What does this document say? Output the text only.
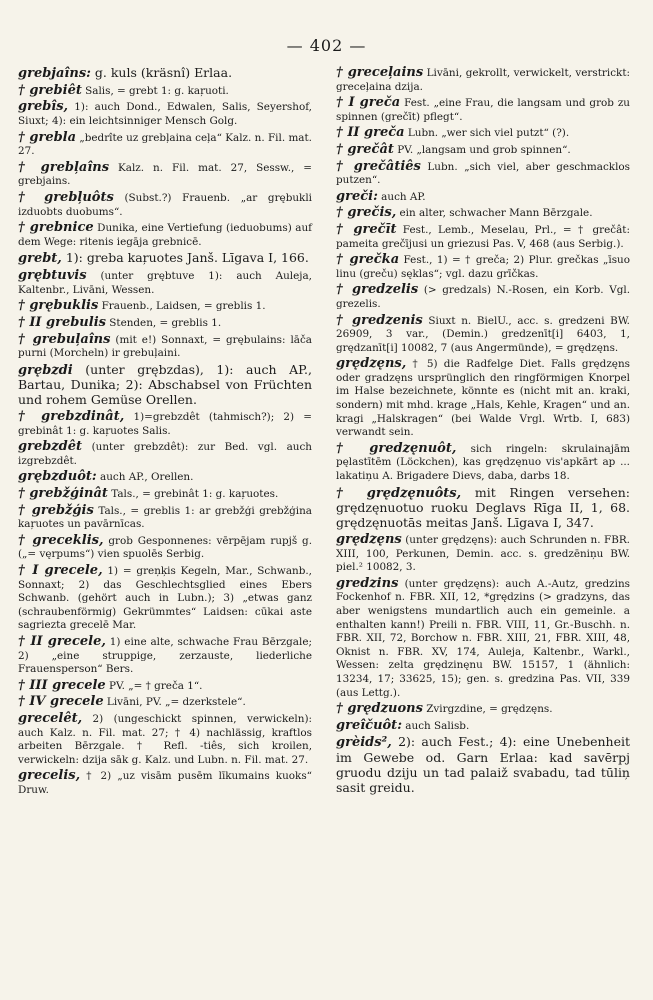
— 402 —

grebjaîns: g. kuls (kräsnî) Erlaa.

† grebiêt Salis, = grebt 1: g. kaŗuoti.

grebîs, 1): auch Dond., Edwalen, Salis, Seyershof, Siuxt; 4): ein leichtsinniger Mensch Golg.

† grebla „bedrîte uz grebļaina ceļa“ Kalz. n. Fil. mat. 27.

† grebļaîns Kalz. n. Fil. mat. 27, Sessw., = grebjains.

† grebļuôts (Subst.?) Frauenb. „ar grębukli izduobts duobums“.

† grebnice Dunika, eine Vertiefung (ieduobums) auf dem Wege: ritenis iegāja grebnicē.

grebt, 1): greba kaŗuotes Janš. Līgava I, 166.

grębtuvis (unter grębtuve 1): auch Auleja, Kaltenbr., Livāni, Wessen.

† grębuklis Frauenb., Laidsen, = greblis 1.

† II grebulis Stenden, = greblis 1.

† grebuļaîns (mit e!) Sonnaxt, = grębulains: lāča purni (Morcheln) ir grebuļaini.

grębzdi (unter grębzdas), 1): auch AP., Bartau, Dunika; 2): Abschabsel von Früchten und rohem Gemüse Orellen.

† grebzdinât, 1)=grebzdêt (tahmisch?); 2) = grebinât 1: g. kaŗuotes Salis.

grebzdêt (unter grebzdêt): zur Bed. vgl. auch izgrebzdêt.

grębzduôt: auch AP., Orellen.

† grebžģinât Tals., = grebinât 1: g. kaŗuotes.

† grebžģis Tals., = greblis 1: ar grebžģi grebžģina kaŗuotes un pavārnīcas.

† greceklis, grob Gesponnenes: vērpējam rupjš g. („= vęrpums“) vien spuolēs Serbig.

† I grecele, 1) = greņķis Kegeln, Mar., Schwanb., Sonnaxt; 2) das Geschlechtsglied eines Ebers Schwanb. (gehört auch in Lubn.); 3) „etwas ganz (schraubenförmig) Gekrümmtes“ Laidsen: cūkai aste sagriezta grecelē Mar.

† II grecele, 1) eine alte, schwache Frau Bērzgale; 2) „eine struppige, zerzauste, liederliche Frauensperson“ Bers.

† III grecele PV. „= † greča 1“.

† IV grecele Livāni, PV. „= dzerkstele“.

grecelêt, 2) (ungeschickt spinnen, verwickeln): auch Kalz. n. Fil. mat. 27; † 4) nachlässig, kraftlos arbeiten Bērzgale. † Refl. -tiês, sich kroilen, verwickeln: dzija sāk g. Kalz. und Lubn. n. Fil. mat. 27.

grecelis, † 2) „uz visām pusēm līkumains kuoks“ Druw.

† greceļains Livāni, gekrollt, verwickelt, verstrickt: greceļaina dzija.

† I greča Fest. „eine Frau, die langsam und grob zu spinnen (grečīt) pflegt“.

† II greča Lubn. „wer sich viel putzt“ (?).

† grečât PV. „langsam und grob spinnen“.

† grečâtiês Lubn. „sich viel, aber geschmacklos putzen“.

greči: auch AP.

† grečis, ein alter, schwacher Mann Bērzgale.

† grečīt Fest., Lemb., Meselau, Prl., = † grečât: pameita grečījusi un griezusi Pas. V, 468 (aus Serbig.).

† grečka Fest., 1) = † greča; 2) Plur. grečkas „īsuo linu (greču) sęklas“; vgl. dazu grīčkas.

† gredzelis (> gredzals) N.-Rosen, ein Korb. Vgl. grezelis.

† gredzenis Siuxt n. BielU., acc. s. gredzeni BW. 26909, 3 var., (Demin.) gredzenīt[i] 6403, 1, grędzanīt[i] 10082, 7 (aus Angermünde), = grędzęns.

grędzęns, † 5) die Radfelge Diet. Falls grędzęns oder gradzęns ursprünglich den ringförmigen Knorpel im Halse bezeichnete, könnte es (nicht mit an. kraki, sondern) mit mhd. krage „Hals, Kehle, Kragen“ und an. kragi „Halskragen“ (bei Walde Vrgl. Wrtb. I, 683) verwandt sein.

† gredzęnuôt, sich ringeln: skrulainajām pęlastītēm (Löckchen), kas grędzęnuo vis'apkārt ap ... lakatiņu A. Brigadere Dievs, daba, darbs 18.

† grędzęnuôts, mit Ringen versehen: grędzęnuotuo ruoku Deglavs Rīga II, 1, 68. grędzęnuotās meitas Janš. Līgava I, 347.

grędzęns (unter grędzęns): auch Schrunden n. FBR. XIII, 100, Perkunen, Demin. acc. s. gredzēniņu BW. piel.² 10082, 3.

gredzins (unter grędzęns): auch A.-Autz, gredzins Fockenhof n. FBR. XII, 12, *grędzins (> gradzyns, das aber wenigstens mundartlich auch ein gemeinle. a enthalten kann!) Preili n. FBR. VIII, 11, Gr.-Buschh. n. FBR. XII, 72, Borchow n. FBR. XIII, 21, FBR. XIII, 48, Oknist n. FBR. XV, 174, Auleja, Kaltenbr., Warkl., Wessen: zelta grędzinęnu BW. 15157, 1 (ähnlich: 13234, 17; 33625, 15); gen. s. gredzina Pas. VII, 339 (aus Lettg.).

† grędzuons Zvirgzdine, = grędzęns.

greîčuôt: auch Salisb.

grèids², 2): auch Fest.; 4): eine Unebenheit im Gewebe od. Garn Erlaa: kad savērpj gruodu dziju un tad palaiž svabadu, tad tūliņ sasit greidu.
